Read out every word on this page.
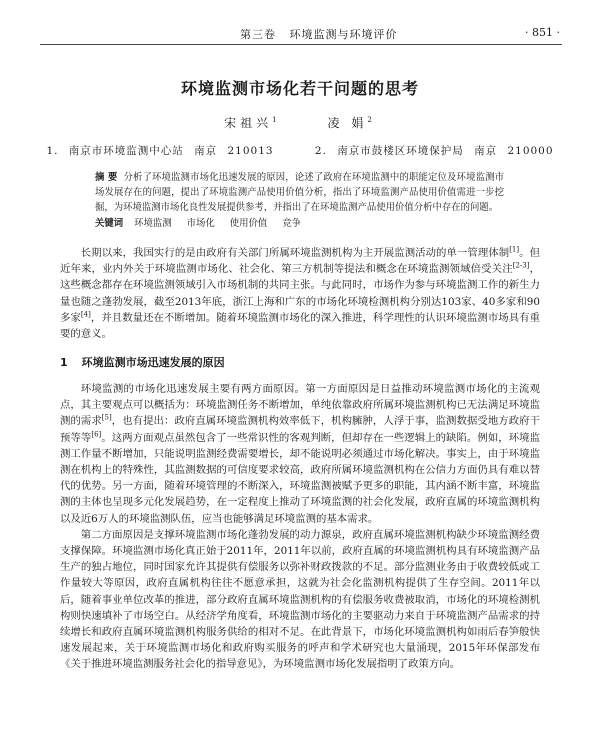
第三卷 环境监测与环境评价	· 851 ·
环境监测市场化若干问题的思考
宋祖兴$^1$	凌 娟$^2$
1. 南京市环境监测中心站 南京 210013	2. 南京市鼓楼区环境保护局 南京 210000
摘 要 分析了环境监测市场化迅速发展的原因，论述了政府在环境监测中的职能定位及环境监测市场发展存在的问题，提出了环境监测产品使用价值分析，指出了环境监测产品使用价值需进一步挖掘，为环境监测市场化良性发展提供参考，并指出了在环境监测产品使用价值分析中存在的问题。
关键词 环境监测 市场化 使用价值 竞争

长期以来，我国实行的是由政府有关部门所属环境监测机构为主开展监测活动的单一管理体制[1]。但近年来，业内外关于环境监测市场化、社会化、第三方机制等提法和概念在环境监测领域倍受关注[2-3]，这些概念都存在环境监测领域引入市场机制的共同主张。与此同时，市场作为参与环境监测工作的新生力量也随之蓬勃发展，截至2013年底，浙江上海和广东的市场化环境检测机构分别达103家、40多家和90多家[4]，并且数量还在不断增加。随着环境监测市场化的深入推进，科学理性的认识环境监测市场具有重要的意义。

1 环境监测市场迅速发展的原因

环境监测的市场化迅速发展主要有两方面原因。第一方面原因是日益推动环境监测市场化的主流观点，其主要观点可以概括为：环境监测任务不断增加，单纯依靠政府所属环境监测机构已无法满足环境监测的需求[5]，也有提出：政府直属环境监测机构效率低下，机构臃肿，人浮于事，监测数据受地方政府干预等等[6]。这两方面观点虽然包含了一些常识性的客观判断，但却存在一些逻辑上的缺陷。例如，环境监测工作量不断增加，只能说明监测经费需要增长，却不能说明必须通过市场化解决。事实上，由于环境监测在机构上的特殊性，其监测数据的可信度要求较高，政府所属环境监测机构在公信力方面仍具有难以替代的优势。另一方面，随着环境管理的不断深入，环境监测被赋予更多的职能，其内涵不断丰富，环境监测的主体也呈现多元化发展趋势，在一定程度上推动了环境监测的社会化发展，政府直属的环境监测机构以及近6万人的环境监测队伍，应当也能够满足环境监测的基本需求。

第二方面原因是支撑环境监测市场化蓬勃发展的动力源泉，政府直属环境监测机构缺少环境监测经费支撑保障。环境监测市场化真正始于2011年，2011年以前，政府直属的环境监测机构具有环境监测产品生产的独占地位，同时国家允许其提供有偿服务以弥补财政拨款的不足。部分监测业务由于收费较低或工作量较大等原因，政府直属机构往往不愿意承担，这就为社会化监测机构提供了生存空间。2011年以后，随着事业单位改革的推进，部分政府直属环境监测机构的有偿服务收费被取消，市场化的环境检测机构则快速填补了市场空白。从经济学角度看，环境监测市场化的主要驱动力来自于环境监测产品需求的持续增长和政府直属环境监测机构服务供给的相对不足。在此背景下，市场化环境监测机构如雨后春笋般快速发展起来，关于环境监测市场化和政府购买服务的呼声和学术研究也大量涌现，2015年环保部发布《关于推进环境监测服务社会化的指导意见》，为环境监测市场化发展指明了政策方向。
